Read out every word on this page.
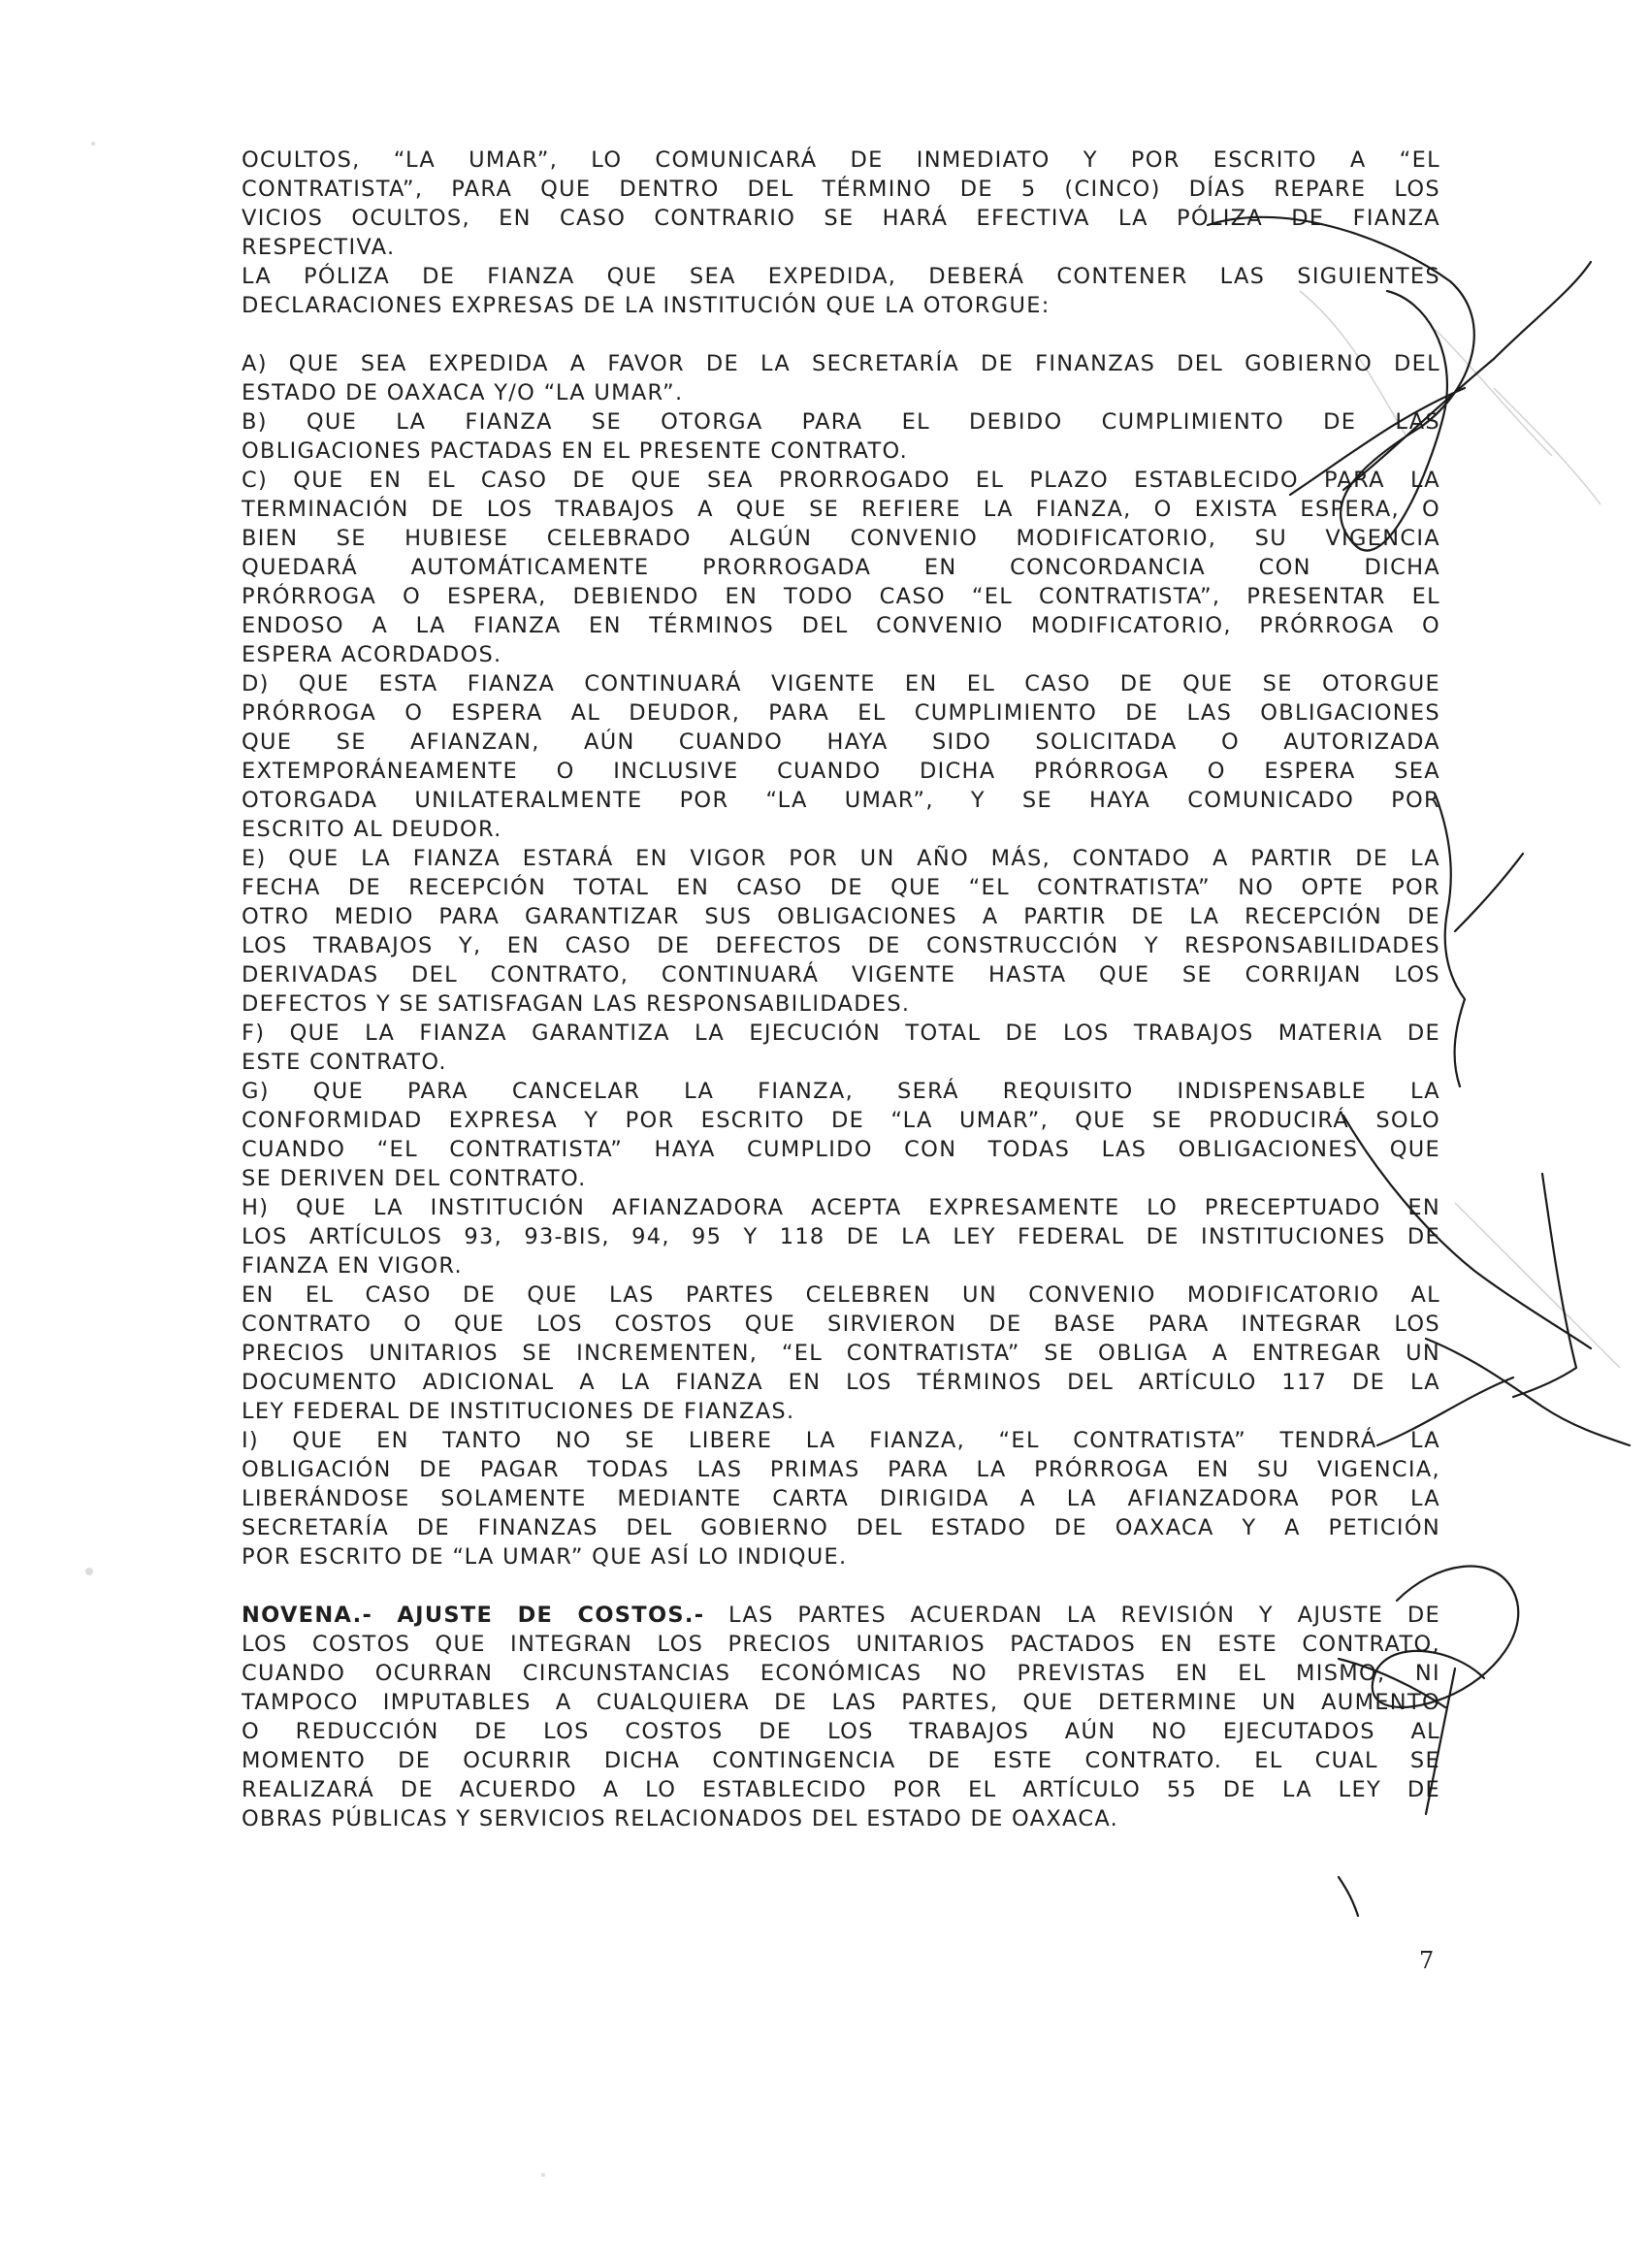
OCULTOS, “LA UMAR”, LO COMUNICARÁ DE INMEDIATO Y POR ESCRITO A “EL
CONTRATISTA”, PARA QUE DENTRO DEL TÉRMINO DE 5 (CINCO) DÍAS REPARE LOS
VICIOS OCULTOS, EN CASO CONTRARIO SE HARÁ EFECTIVA LA PÓLIZA DE FIANZA
RESPECTIVA.
LA PÓLIZA DE FIANZA QUE SEA EXPEDIDA, DEBERÁ CONTENER LAS SIGUIENTES
DECLARACIONES EXPRESAS DE LA INSTITUCIÓN QUE LA OTORGUE:
A) QUE SEA EXPEDIDA A FAVOR DE LA SECRETARÍA DE FINANZAS DEL GOBIERNO DEL
ESTADO DE OAXACA Y/O “LA UMAR”.
B) QUE LA FIANZA SE OTORGA PARA EL DEBIDO CUMPLIMIENTO DE LAS
OBLIGACIONES PACTADAS EN EL PRESENTE CONTRATO.
C) QUE EN EL CASO DE QUE SEA PRORROGADO EL PLAZO ESTABLECIDO PARA LA
TERMINACIÓN DE LOS TRABAJOS A QUE SE REFIERE LA FIANZA, O EXISTA ESPERA, O
BIEN SE HUBIESE CELEBRADO ALGÚN CONVENIO MODIFICATORIO, SU VIGENCIA
QUEDARÁ AUTOMÁTICAMENTE PRORROGADA EN CONCORDANCIA CON DICHA
PRÓRROGA O ESPERA, DEBIENDO EN TODO CASO “EL CONTRATISTA”, PRESENTAR EL
ENDOSO A LA FIANZA EN TÉRMINOS DEL CONVENIO MODIFICATORIO, PRÓRROGA O
ESPERA ACORDADOS.
D) QUE ESTA FIANZA CONTINUARÁ VIGENTE EN EL CASO DE QUE SE OTORGUE
PRÓRROGA O ESPERA AL DEUDOR, PARA EL CUMPLIMIENTO DE LAS OBLIGACIONES
QUE SE AFIANZAN, AÚN CUANDO HAYA SIDO SOLICITADA O AUTORIZADA
EXTEMPORÁNEAMENTE O INCLUSIVE CUANDO DICHA PRÓRROGA O ESPERA SEA
OTORGADA UNILATERALMENTE POR “LA UMAR”, Y SE HAYA COMUNICADO POR
ESCRITO AL DEUDOR.
E) QUE LA FIANZA ESTARÁ EN VIGOR POR UN AÑO MÁS, CONTADO A PARTIR DE LA
FECHA DE RECEPCIÓN TOTAL EN CASO DE QUE “EL CONTRATISTA” NO OPTE POR
OTRO MEDIO PARA GARANTIZAR SUS OBLIGACIONES A PARTIR DE LA RECEPCIÓN DE
LOS TRABAJOS Y, EN CASO DE DEFECTOS DE CONSTRUCCIÓN Y RESPONSABILIDADES
DERIVADAS DEL CONTRATO, CONTINUARÁ VIGENTE HASTA QUE SE CORRIJAN LOS
DEFECTOS Y SE SATISFAGAN LAS RESPONSABILIDADES.
F) QUE LA FIANZA GARANTIZA LA EJECUCIÓN TOTAL DE LOS TRABAJOS MATERIA DE
ESTE CONTRATO.
G) QUE PARA CANCELAR LA FIANZA, SERÁ REQUISITO INDISPENSABLE LA
CONFORMIDAD EXPRESA Y POR ESCRITO DE “LA UMAR”, QUE SE PRODUCIRÁ SOLO
CUANDO “EL CONTRATISTA” HAYA CUMPLIDO CON TODAS LAS OBLIGACIONES QUE
SE DERIVEN DEL CONTRATO.
H) QUE LA INSTITUCIÓN AFIANZADORA ACEPTA EXPRESAMENTE LO PRECEPTUADO EN
LOS ARTÍCULOS 93, 93-BIS, 94, 95 Y 118 DE LA LEY FEDERAL DE INSTITUCIONES DE
FIANZA EN VIGOR.
EN EL CASO DE QUE LAS PARTES CELEBREN UN CONVENIO MODIFICATORIO AL
CONTRATO O QUE LOS COSTOS QUE SIRVIERON DE BASE PARA INTEGRAR LOS
PRECIOS UNITARIOS SE INCREMENTEN, “EL CONTRATISTA” SE OBLIGA A ENTREGAR UN
DOCUMENTO ADICIONAL A LA FIANZA EN LOS TÉRMINOS DEL ARTÍCULO 117 DE LA
LEY FEDERAL DE INSTITUCIONES DE FIANZAS.
I) QUE EN TANTO NO SE LIBERE LA FIANZA, “EL CONTRATISTA” TENDRÁ LA
OBLIGACIÓN DE PAGAR TODAS LAS PRIMAS PARA LA PRÓRROGA EN SU VIGENCIA,
LIBERÁNDOSE SOLAMENTE MEDIANTE CARTA DIRIGIDA A LA AFIANZADORA POR LA
SECRETARÍA DE FINANZAS DEL GOBIERNO DEL ESTADO DE OAXACA Y A PETICIÓN
POR ESCRITO DE “LA UMAR” QUE ASÍ LO INDIQUE.
NOVENA.- AJUSTE DE COSTOS.- LAS PARTES ACUERDAN LA REVISIÓN Y AJUSTE DE
LOS COSTOS QUE INTEGRAN LOS PRECIOS UNITARIOS PACTADOS EN ESTE CONTRATO,
CUANDO OCURRAN CIRCUNSTANCIAS ECONÓMICAS NO PREVISTAS EN EL MISMO, NI
TAMPOCO IMPUTABLES A CUALQUIERA DE LAS PARTES, QUE DETERMINE UN AUMENTO
O REDUCCIÓN DE LOS COSTOS DE LOS TRABAJOS AÚN NO EJECUTADOS AL
MOMENTO DE OCURRIR DICHA CONTINGENCIA DE ESTE CONTRATO. EL CUAL SE
REALIZARÁ DE ACUERDO A LO ESTABLECIDO POR EL ARTÍCULO 55 DE LA LEY DE
OBRAS PÚBLICAS Y SERVICIOS RELACIONADOS DEL ESTADO DE OAXACA.
7
